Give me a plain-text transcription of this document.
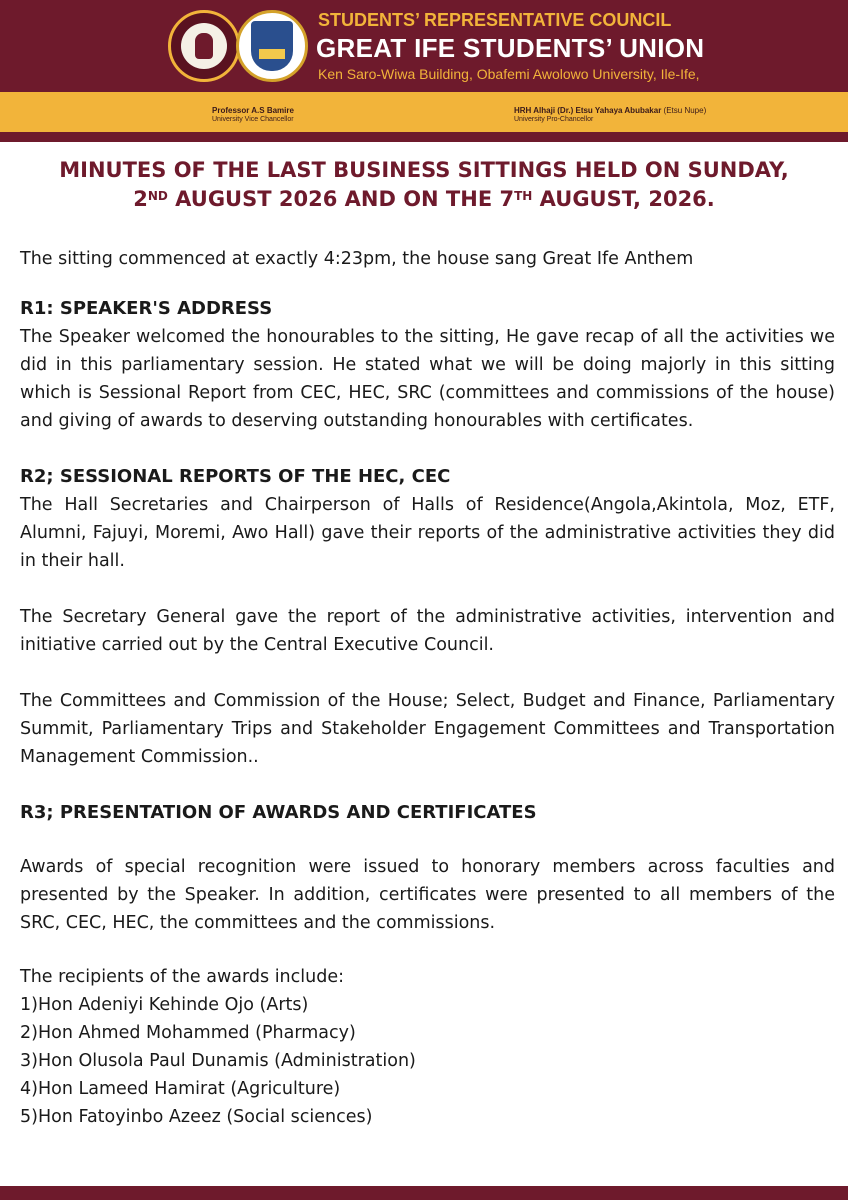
STUDENTS’ REPRESENTATIVE COUNCIL
GREAT IFE STUDENTS’ UNION
Ken Saro-Wiwa Building, Obafemi Awolowo University, Ile-Ife,
Professor A.S Bamire
University Vice Chancellor
HRH Alhaji (Dr.) Etsu Yahaya Abubakar (Etsu Nupe)
University Pro-Chancellor
MINUTES OF THE LAST BUSINESS SITTINGS HELD ON SUNDAY,
2ND AUGUST 2026 AND ON THE 7TH AUGUST, 2026.
The sitting commenced at exactly 4:23pm, the house sang Great Ife Anthem
R1: SPEAKER'S ADDRESS
The Speaker welcomed the honourables to the sitting, He gave recap of all the activities we did in this parliamentary session. He stated what we will be doing majorly in this sitting which is Sessional Report from CEC, HEC, SRC (committees and commissions of the house) and giving of awards to deserving outstanding honourables with certificates.
R2; SESSIONAL REPORTS OF THE HEC, CEC
The Hall Secretaries and Chairperson of Halls of Residence(Angola,Akintola, Moz, ETF, Alumni, Fajuyi, Moremi, Awo Hall) gave their reports of the administrative activities they did in their hall.
The Secretary General gave the report of the administrative activities, intervention and initiative carried out by the Central Executive Council.
The Committees and Commission of the House; Select, Budget and Finance, Parliamentary Summit, Parliamentary Trips and Stakeholder Engagement Committees and Transportation Management Commission..
R3; PRESENTATION OF AWARDS AND CERTIFICATES
Awards of special recognition were issued to honorary members across faculties and presented by the Speaker. In addition, certificates were presented to all members of the SRC, CEC, HEC, the committees and the commissions.
The recipients of the awards include:
1)Hon Adeniyi Kehinde Ojo (Arts)
2)Hon Ahmed Mohammed (Pharmacy)
3)Hon Olusola Paul Dunamis (Administration)
4)Hon Lameed Hamirat (Agriculture)
5)Hon Fatoyinbo Azeez (Social sciences)
